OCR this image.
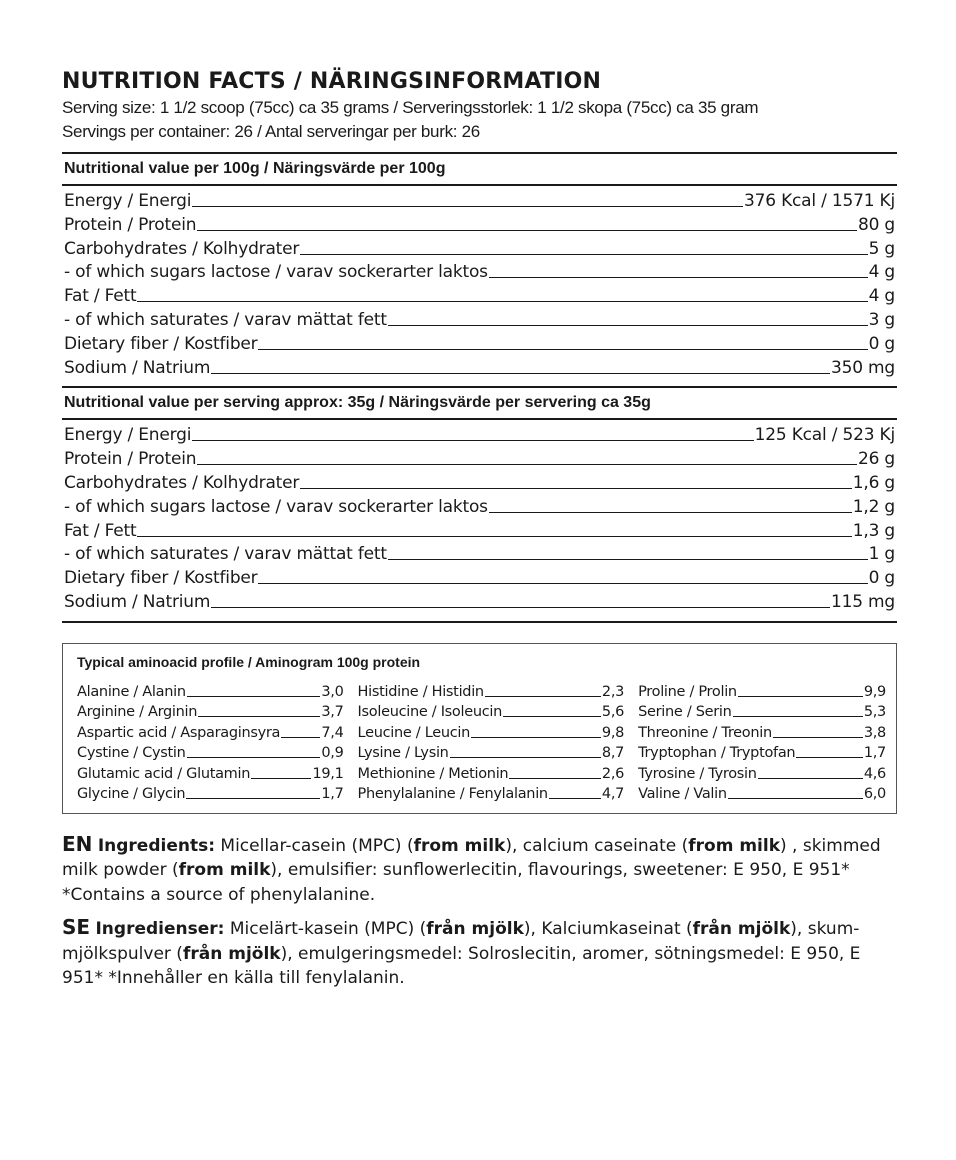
NUTRITION FACTS / NÄRINGSINFORMATION
Serving size: 1 1/2 scoop (75cc) ca 35 grams / Serveringsstorlek: 1 1/2 skopa (75cc) ca 35 gram
Servings per container: 26 / Antal serveringar per burk: 26
Nutritional value per 100g / Näringsvärde per 100g
Energy / Energi	376 Kcal / 1571 Kj
Protein / Protein	80 g
Carbohydrates / Kolhydrater	5 g
- of which sugars lactose / varav sockerarter laktos	4 g
Fat / Fett	4 g
- of which saturates / varav mättat fett	3 g
Dietary fiber / Kostfiber	0 g
Sodium / Natrium	350 mg
Nutritional value per serving approx: 35g / Näringsvärde per servering ca 35g
Energy / Energi	125 Kcal / 523 Kj
Protein / Protein	26 g
Carbohydrates / Kolhydrater	1,6 g
- of which sugars lactose / varav sockerarter laktos	1,2 g
Fat / Fett	1,3 g
- of which saturates / varav mättat fett	1 g
Dietary fiber / Kostfiber	0 g
Sodium / Natrium	115 mg
Typical aminoacid profile / Aminogram 100g protein
Alanine / Alanin	3,0
Arginine / Arginin	3,7
Aspartic acid / Asparaginsyra	7,4
Cystine / Cystin	0,9
Glutamic acid / Glutamin	19,1
Glycine / Glycin	1,7
Histidine / Histidin	2,3
Isoleucine / Isoleucin	5,6
Leucine / Leucin	9,8
Lysine / Lysin	8,7
Methionine / Metionin	2,6
Phenylalanine / Fenylalanin	4,7
Proline / Prolin	9,9
Serine / Serin	5,3
Threonine / Treonin	3,8
Tryptophan / Tryptofan	1,7
Tyrosine / Tyrosin	4,6
Valine / Valin	6,0
EN Ingredients: Micellar-casein (MPC) (from milk), calcium caseinate (from milk) , skimmed milk powder (from milk), emulsifier: sunflowerlecitin, flavourings, sweetener: E 950, E 951* *Contains a source of phenylalanine.
SE Ingredienser: Micelärt-kasein (MPC) (från mjölk), Kalciumkaseinat (från mjölk), skum-mjölkspulver (från mjölk), emulgeringsmedel: Solroslecitin, aromer, sötningsmedel: E 950, E 951* *Innehåller en källa till fenylalanin.
